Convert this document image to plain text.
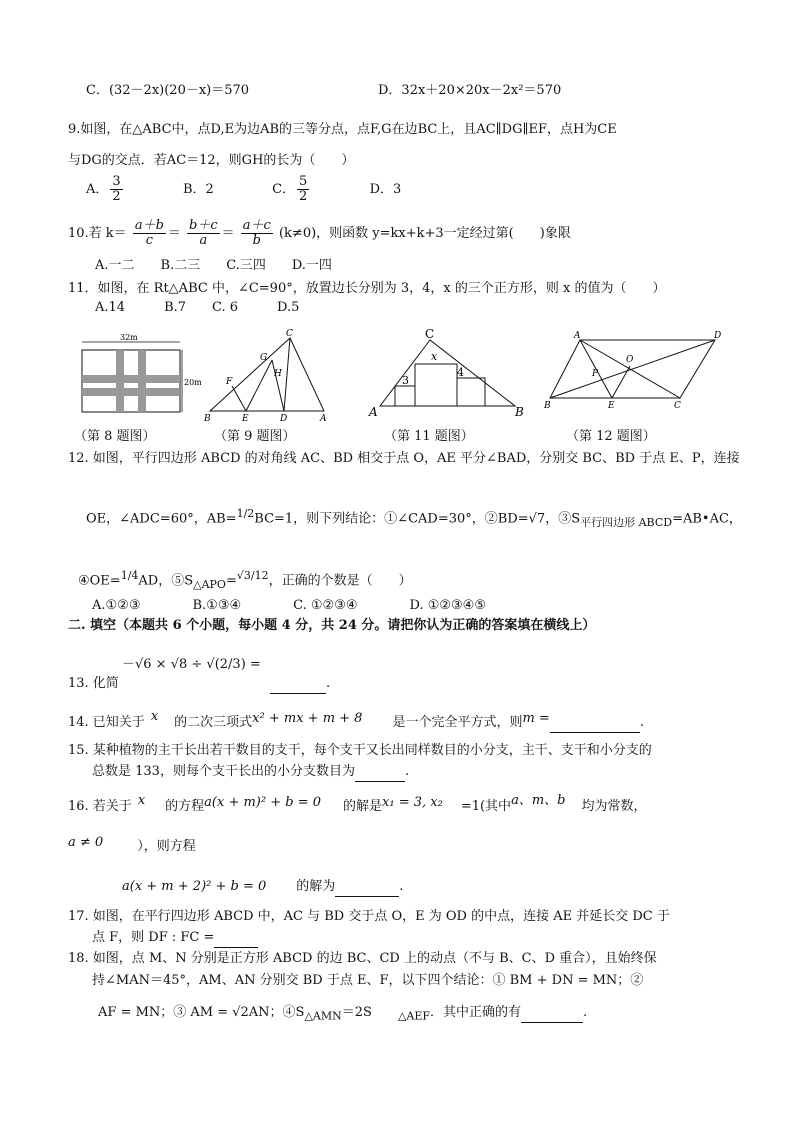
C．(32－2x)(20－x)＝570	D．32x＋20×20x－2x²＝570
9.如图，在△ABC中，点D,E为边AB的三等分点，点F,G在边BC上，且AC∥DG∥EF，点H为CE
与DG的交点．若AC＝12，则GH的长为（　　）
A． $\frac{3}{2}$	B．2	C． $\frac{5}{2}$	D．3
10.若 $k= \frac{a+b}{c} = \frac{b+c}{a} = \frac{a+c}{b} (k\ne 0)$，则函数 y=kx+k+3一定经过第(　　)象限
A.一二　　B.二三　　C.三四　　D.一四
11．如图，在 Rt△ABC 中，∠C=90°，放置边长分别为 3，4，x 的三个正方形，则 x 的值为（　　）
A.14　　　B.7　　C. 6　　　D.5
32m
20m
（第 8 题图）
C
G
H
F
B	E	D	A
（第 9 题图）
C
x
3
4
A	B
（第 11 题图）
A	D
O
P
B	E	C
（第 12 题图）
12. 如图，平行四边形 ABCD 的对角线 AC、BD 相交于点 O，AE 平分∠BAD，分别交 BC、BD 于点 E、P，连接
OE，∠ADC=60°，AB=$^{1/2}$BC=1，则下列结论：①∠CAD=30°，②BD=√7，$③S_{平行四边形 ABCD}=AB•AC$，
④OE=$^{1/4}$AD，$⑤S_{\triangle APO}=^{√3/12}$，正确的个数是（　　）
A.①②③　　　　B.①③④　　　　C. ①②③④　　　　D. ①②③④⑤
二. 填空（本题共 6 个小题，每小题 4 分，共 24 分。请把你认为正确的答案填在横线上）
13. 化简
－√6 × √8 ÷ √(2/3) =
.
14. 已知关于 x 的二次三项式x² + mx + m + 8 是一个完全平方式，则m =	.
15. 某种植物的主干长出若干数目的支干，每个支干又长出同样数目的小分支，主干、支干和小分支的
总数是 133，则每个支干长出的小分支数目为	.
16. 若关于 x 的方程a(x + m)² + b = 0 的解是x₁ = 3, x₂ =1(其中a、m、b 均为常数，
a ≠ 0	），则方程
a(x + m + 2)² + b = 0 的解为	.
17. 如图，在平行四边形 ABCD 中，AC 与 BD 交于点 O，E 为 OD 的中点，连接 AE 并延长交 DC 于
点 F，则 DF : FC =
18. 如图，点 M、N 分别是正方形 ABCD 的边 BC、CD 上的动点（不与 B、C、D 重合），且始终保
持∠MAN＝45°，AM、AN 分别交 BD 于点 E、F，以下四个结论：① BM + DN = MN；②
AF = MN；③ AM = √2AN；$④S_{\triangle AMN}=2S$ $_{\triangle AEF}$．其中正确的有	.
